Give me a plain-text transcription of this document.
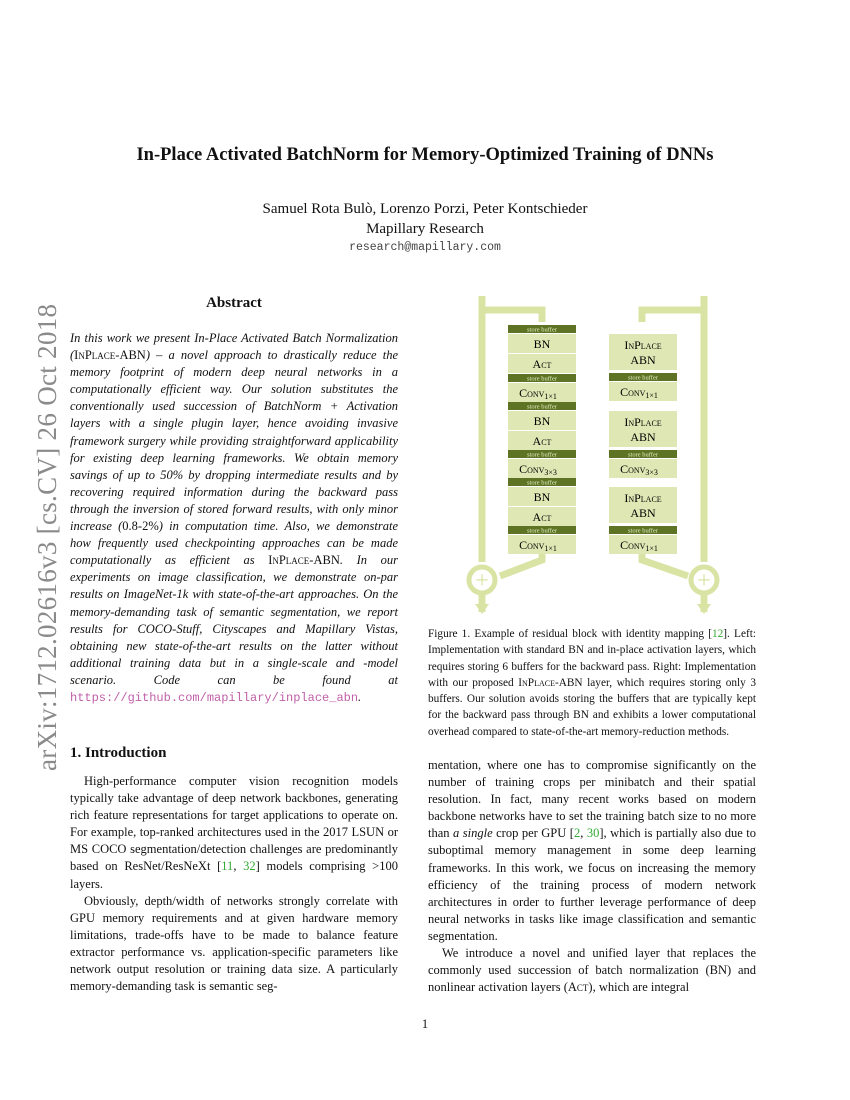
In-Place Activated BatchNorm for Memory-Optimized Training of DNNs
Samuel Rota Bulò, Lorenzo Porzi, Peter Kontschieder
Mapillary Research
research@mapillary.com
arXiv:1712.02616v3 [cs.CV] 26 Oct 2018
Abstract
In this work we present In-Place Activated Batch Normalization (InPlace-ABN) – a novel approach to drastically reduce the memory footprint of modern deep neural networks in a computationally efficient way. Our solution substitutes the conventionally used succession of BatchNorm + Activation layers with a single plugin layer, hence avoiding invasive framework surgery while providing straightforward applicability for existing deep learning frameworks. We obtain memory savings of up to 50% by dropping intermediate results and by recovering required information during the backward pass through the inversion of stored forward results, with only minor increase (0.8-2%) in computation time. Also, we demonstrate how frequently used checkpointing approaches can be made computationally as efficient as InPlace-ABN. In our experiments on image classification, we demonstrate on-par results on ImageNet-1k with state-of-the-art approaches. On the memory-demanding task of semantic segmentation, we report results for COCO-Stuff, Cityscapes and Mapillary Vistas, obtaining new state-of-the-art results on the latter without additional training data but in a single-scale and -model scenario. Code can be found at https://github.com/mapillary/inplace_abn.
1. Introduction

High-performance computer vision recognition models typically take advantage of deep network backbones, generating rich feature representations for target applications to operate on. For example, top-ranked architectures used in the 2017 LSUN or MS COCO segmentation/detection challenges are predominantly based on ResNet/ResNeXt [11, 32] models comprising >100 layers.

Obviously, depth/width of networks strongly correlate with GPU memory requirements and at given hardware memory limitations, trade-offs have to be made to balance feature extractor performance vs. application-specific parameters like network output resolution or training data size. A particularly memory-demanding task is semantic seg-

store buffer
BN
Act
store buffer
Conv1×1
store buffer
BN
Act
store buffer
Conv3×3
store buffer
BN
Act
store buffer
Conv1×1
InPlace
ABN
store buffer
Conv1×1
InPlace
ABN
store buffer
Conv3×3
InPlace
ABN
store buffer
Conv1×1
+	+
Figure 1. Example of residual block with identity mapping [12]. Left: Implementation with standard BN and in-place activation layers, which requires storing 6 buffers for the backward pass. Right: Implementation with our proposed InPlace-ABN layer, which requires storing only 3 buffers. Our solution avoids storing the buffers that are typically kept for the backward pass through BN and exhibits a lower computational overhead compared to state-of-the-art memory-reduction methods.

mentation, where one has to compromise significantly on the number of training crops per minibatch and their spatial resolution. In fact, many recent works based on modern backbone networks have to set the training batch size to no more than a single crop per GPU [2, 30], which is partially also due to suboptimal memory management in some deep learning frameworks. In this work, we focus on increasing the memory efficiency of the training process of modern network architectures in order to further leverage performance of deep neural networks in tasks like image classification and semantic segmentation.

We introduce a novel and unified layer that replaces the commonly used succession of batch normalization (BN) and nonlinear activation layers (Act), which are integral

1
